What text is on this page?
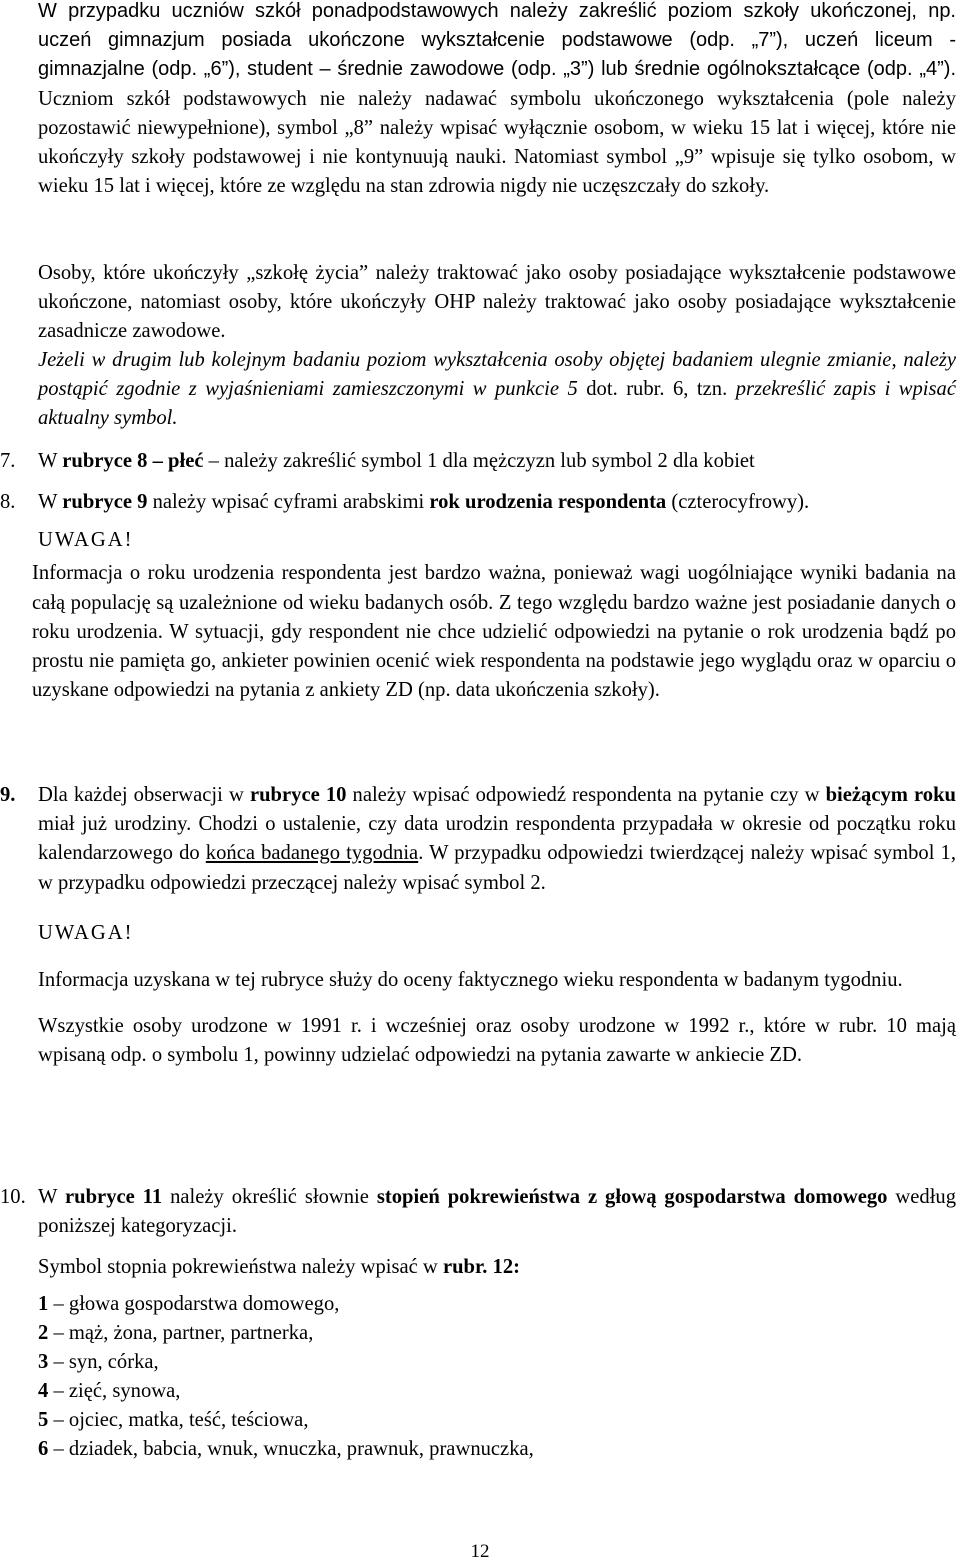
W przypadku uczniów szkół ponadpodstawowych należy zakreślić poziom szkoły ukończonej, np. uczeń gimnazjum posiada ukończone wykształcenie podstawowe (odp. „7”), uczeń liceum - gimnazjalne (odp. „6”), student – średnie zawodowe (odp. „3”) lub średnie ogólnokształcące (odp. „4”). Uczniom szkół podstawowych nie należy nadawać symbolu ukończonego wykształcenia (pole należy pozostawić niewypełnione), symbol „8” należy wpisać wyłącznie osobom, w wieku 15 lat i więcej, które nie ukończyły szkoły podstawowej i nie kontynuują nauki. Natomiast symbol „9” wpisuje się tylko osobom, w wieku 15 lat i więcej, które ze względu na stan zdrowia nigdy nie uczęszczały do szkoły.

Osoby, które ukończyły „szkołę życia” należy traktować jako osoby posiadające wykształcenie podstawowe ukończone, natomiast osoby, które ukończyły OHP należy traktować jako osoby posiadające wykształcenie zasadnicze zawodowe.

Jeżeli w drugim lub kolejnym badaniu poziom wykształcenia osoby objętej badaniem ulegnie zmianie, należy postąpić zgodnie z wyjaśnieniami zamieszczonymi w punkcie 5 dot. rubr. 6, tzn. przekreślić zapis i wpisać aktualny symbol.

7. W rubryce 8 – płeć – należy zakreślić symbol 1 dla mężczyzn lub symbol 2 dla kobiet

8. W rubryce 9 należy wpisać cyframi arabskimi rok urodzenia respondenta (czterocyfrowy).

UWAGA!

Informacja o roku urodzenia respondenta jest bardzo ważna, ponieważ wagi uogólniające wyniki badania na całą populację są uzależnione od wieku badanych osób. Z tego względu bardzo ważne jest posiadanie danych o roku urodzenia. W sytuacji, gdy respondent nie chce udzielić odpowiedzi na pytanie o rok urodzenia bądź po prostu nie pamięta go, ankieter powinien ocenić wiek respondenta na podstawie jego wyglądu oraz w oparciu o uzyskane odpowiedzi na pytania z ankiety ZD (np. data ukończenia szkoły).

9. Dla każdej obserwacji w rubryce 10 należy wpisać odpowiedź respondenta na pytanie czy w bieżącym roku miał już urodziny. Chodzi o ustalenie, czy data urodzin respondenta przypadała w okresie od początku roku kalendarzowego do końca badanego tygodnia. W przypadku odpowiedzi twierdzącej należy wpisać symbol 1, w przypadku odpowiedzi przeczącej należy wpisać symbol 2.

UWAGA!

Informacja uzyskana w tej rubryce służy do oceny faktycznego wieku respondenta w badanym tygodniu.

Wszystkie osoby urodzone w 1991 r. i wcześniej oraz osoby urodzone w 1992 r., które w rubr. 10 mają wpisaną odp. o symbolu 1, powinny udzielać odpowiedzi na pytania zawarte w ankiecie ZD.

10. W rubryce 11 należy określić słownie stopień pokrewieństwa z głową gospodarstwa domowego według poniższej kategoryzacji.

Symbol stopnia pokrewieństwa należy wpisać w rubr. 12:

1 – głowa gospodarstwa domowego,
2 – mąż, żona, partner, partnerka,
3 – syn, córka,
4 – zięć, synowa,
5 – ojciec, matka, teść, teściowa,
6 – dziadek, babcia, wnuk, wnuczka, prawnuk, prawnuczka,
12
